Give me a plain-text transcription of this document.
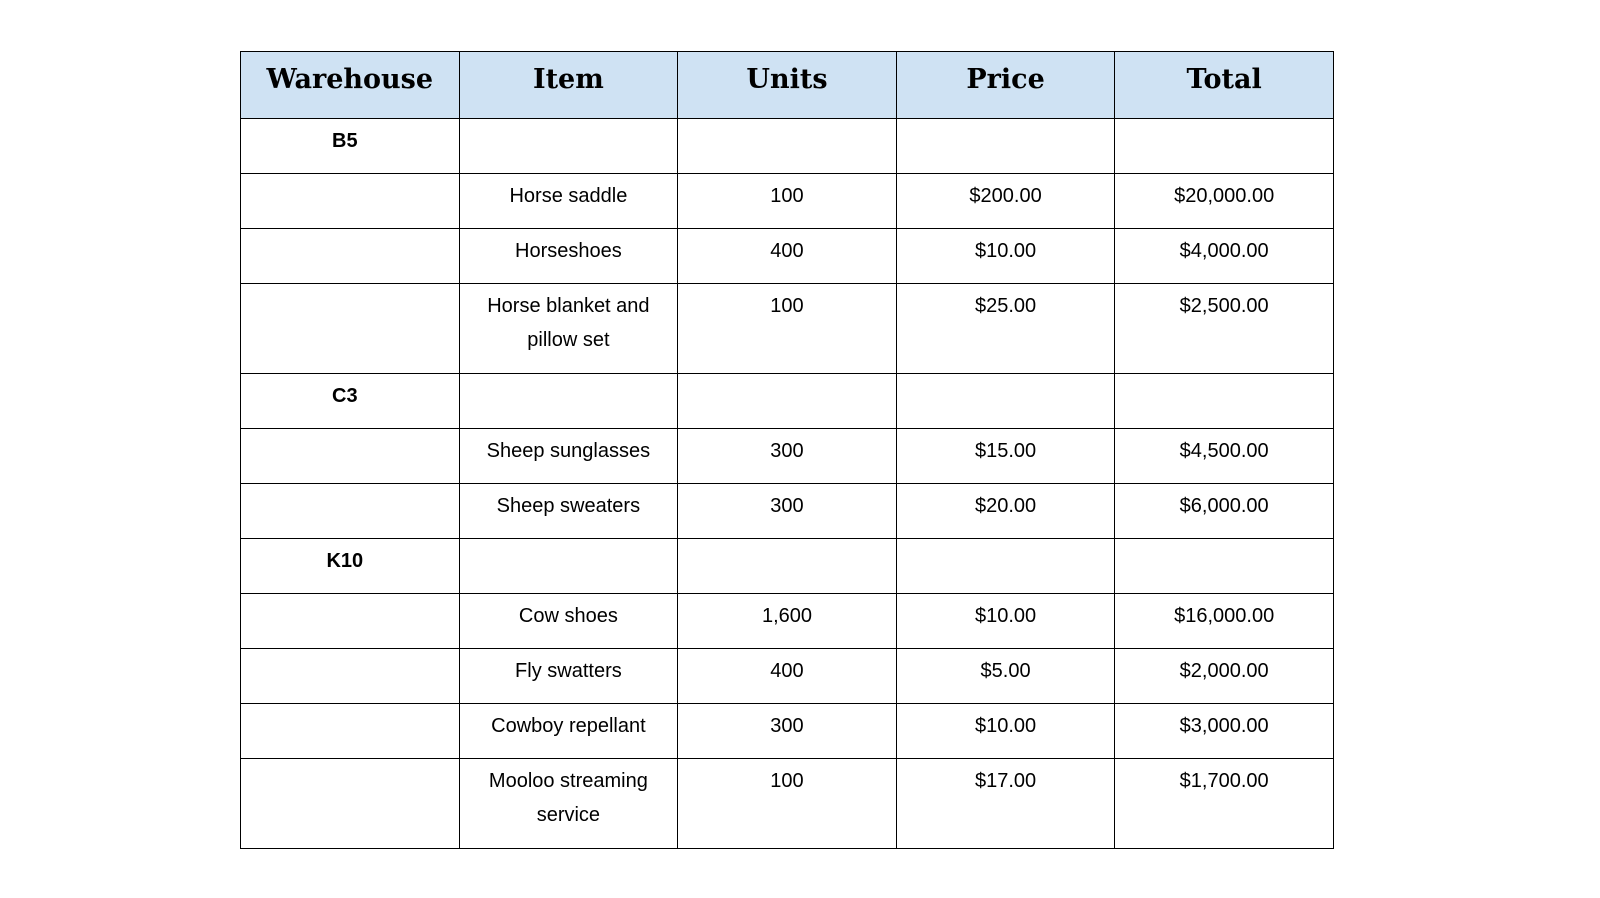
Warehouse	Item	Units	Price	Total
B5				
	Horse saddle	100	$200.00	$20,000.00
	Horseshoes	400	$10.00	$4,000.00
	Horse blanket and pillow set	100	$25.00	$2,500.00
C3				
	Sheep sunglasses	300	$15.00	$4,500.00
	Sheep sweaters	300	$20.00	$6,000.00
K10				
	Cow shoes	1,600	$10.00	$16,000.00
	Fly swatters	400	$5.00	$2,000.00
	Cowboy repellant	300	$10.00	$3,000.00
	Mooloo streaming service	100	$17.00	$1,700.00
